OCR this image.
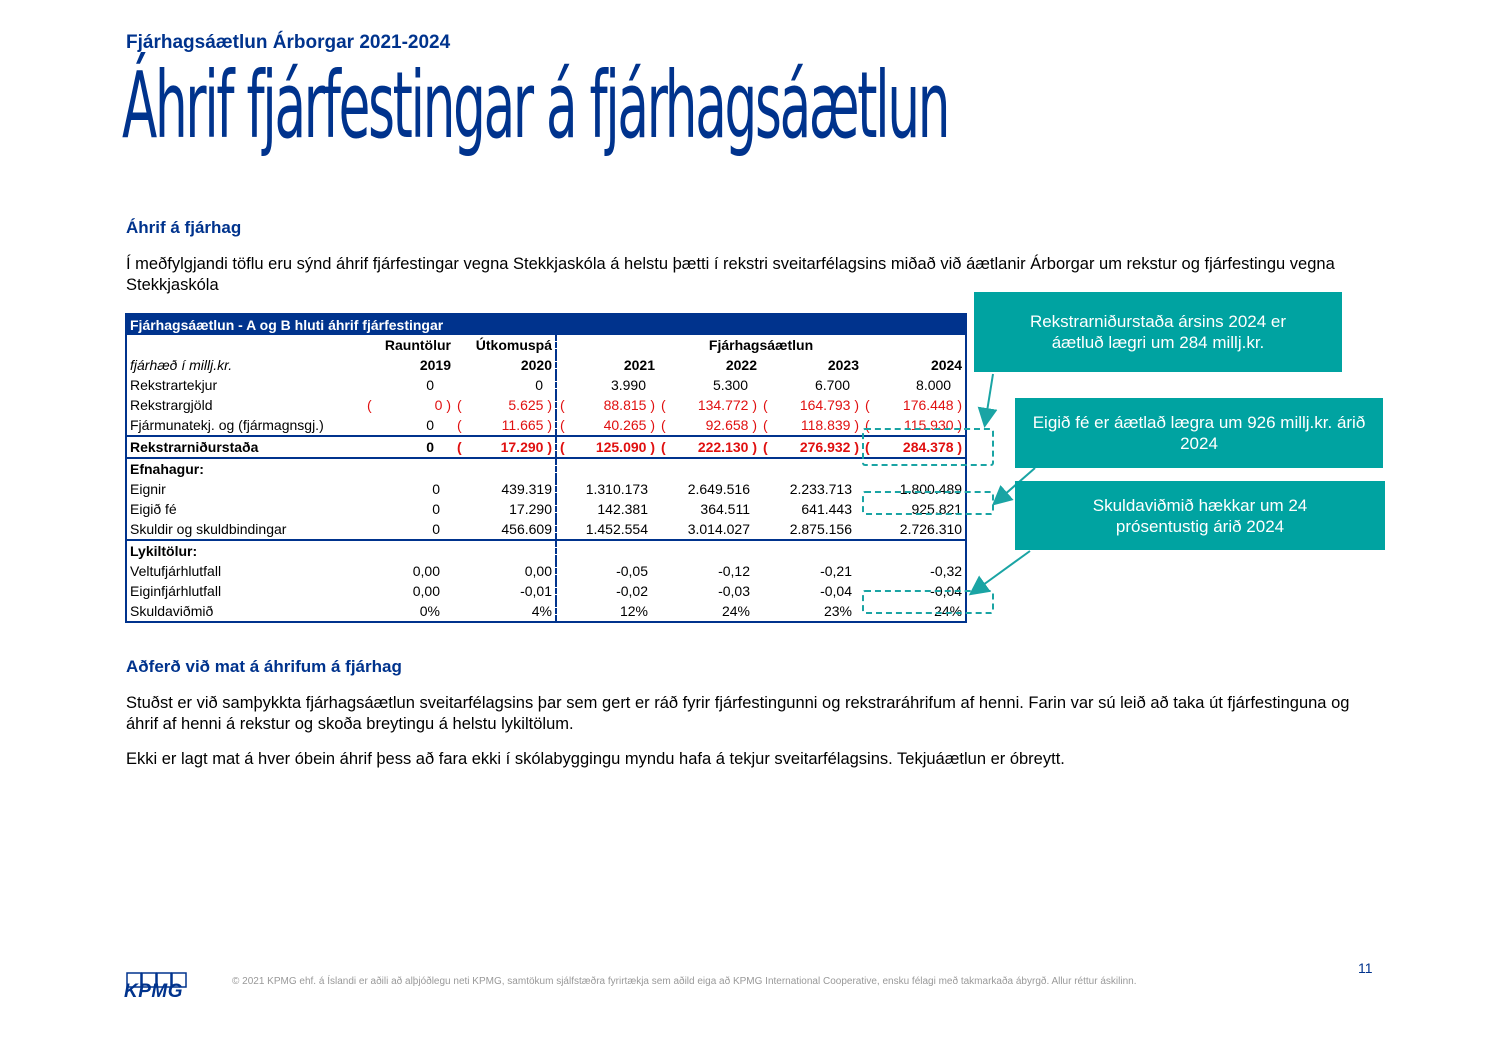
Fjárhagsáætlun Árborgar 2021-2024
Áhrif fjárfestingar á fjárhagsáætlun
Áhrif á fjárhag
Í meðfylgjandi töflu eru sýnd áhrif fjárfestingar vegna Stekkjaskóla á helstu þætti í rekstri sveitarfélagsins miðað við áætlanir Árborgar um rekstur og fjárfestingu vegna Stekkjaskóla
Fjárhagsáætlun - A og B hluti áhrif fjárfestingar						
	Rauntölur	Útkomuspá	Fjárhagsáætlun			
fjárhæð í millj.kr.	2019	2020	2021	2022	2023	2024
Rekstrartekjur	0	0	3.990	5.300	6.700	8.000
Rekstrargjöld	( 0 )	( 5.625 )	( 88.815 )	( 134.772 )	( 164.793 )	( 176.448 )
Fjármunatekj. og (fjármagnsgj.)	0	( 11.665 )	( 40.265 )	( 92.658 )	( 118.839 )	( 115.930 )
Rekstrarniðurstaða	0	( 17.290 )	( 125.090 )	( 222.130 )	( 276.932 )	( 284.378 )
Efnahagur:						
Eignir	0	439.319	1.310.173	2.649.516	2.233.713	1.800.489
Eigið fé	0	17.290	142.381	364.511	641.443	925.821
Skuldir og skuldbindingar	0	456.609	1.452.554	3.014.027	2.875.156	2.726.310
Lykiltölur:						
Veltufjárhlutfall	0,00	0,00	-0,05	-0,12	-0,21	-0,32
Eiginfjárhlutfall	0,00	-0,01	-0,02	-0,03	-0,04	-0,04
Skuldaviðmið	0%	4%	12%	24%	23%	24%
Rekstrarniðurstaða ársins 2024 er áætluð lægri um 284 millj.kr.
Eigið fé er áætlað lægra um 926 millj.kr. árið 2024
Skuldaviðmið hækkar um 24 prósentustig árið 2024
Aðferð við mat á áhrifum á fjárhag
Stuðst er við samþykkta fjárhagsáætlun sveitarfélagsins þar sem gert er ráð fyrir fjárfestingunni og rekstraráhrifum af henni. Farin var sú leið að taka út fjárfestinguna og áhrif af henni á rekstur og skoða breytingu á helstu lykiltölum.
Ekki er lagt mat á hver óbein áhrif þess að fara ekki í skólabyggingu myndu hafa á tekjur sveitarfélagsins. Tekjuáætlun er óbreytt.
KPMG	© 2021 KPMG ehf. á Íslandi er aðili að alþjóðlegu neti KPMG, samtökum sjálfstæðra fyrirtækja sem aðild eiga að KPMG International Cooperative, ensku félagi með takmarkaða ábyrgð. Allur réttur áskilinn.
11
